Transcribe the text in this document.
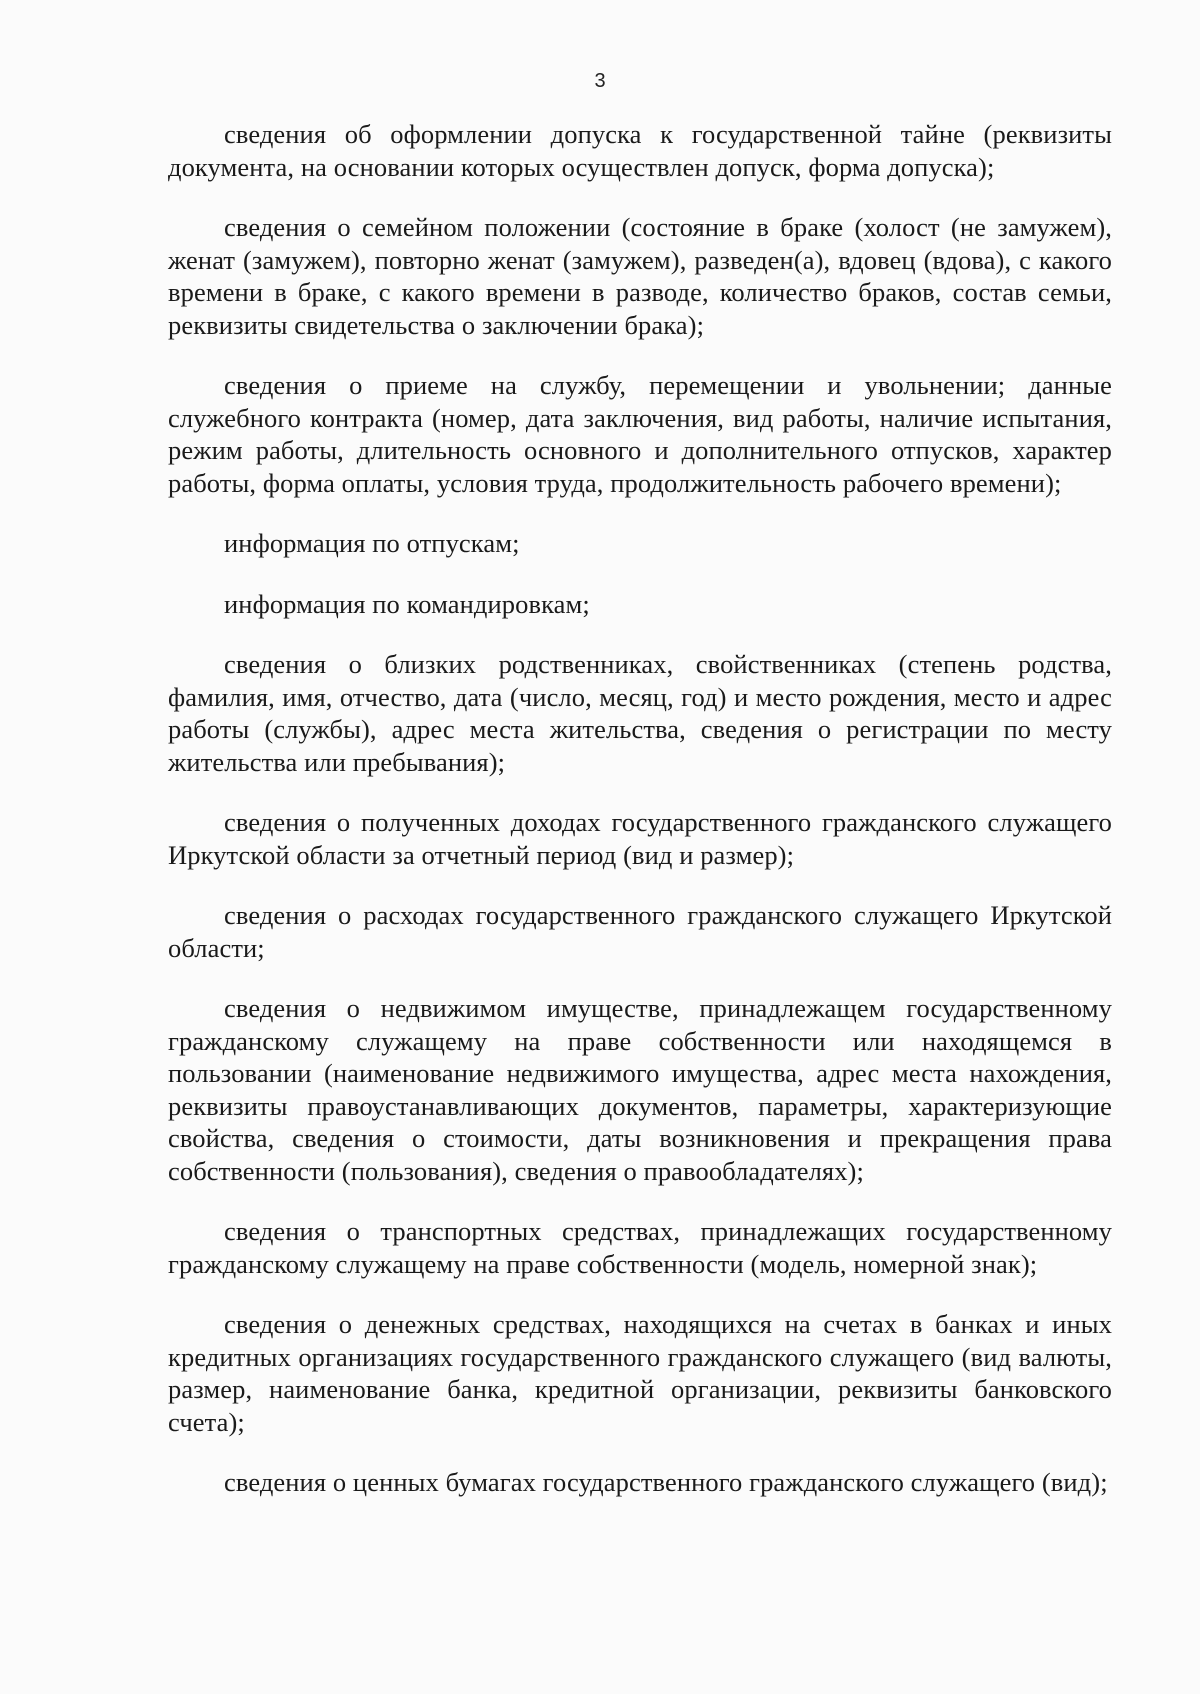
3

сведения об оформлении допуска к государственной тайне (реквизиты документа, на основании которых осуществлен допуск, форма допуска);

сведения о семейном положении (состояние в браке (холост (не замужем), женат (замужем), повторно женат (замужем), разведен(а), вдовец (вдова), с какого времени в браке, с какого времени в разводе, количество браков, состав семьи, реквизиты свидетельства о заключении брака);

сведения о приеме на службу, перемещении и увольнении; данные служебного контракта (номер, дата заключения, вид работы, наличие испытания, режим работы, длительность основного и дополнительного отпусков, характер работы, форма оплаты, условия труда, продолжительность рабочего времени);

информация по отпускам;

информация по командировкам;

сведения о близких родственниках, свойственниках (степень родства, фамилия, имя, отчество, дата (число, месяц, год) и место рождения, место и адрес работы (службы), адрес места жительства, сведения о регистрации по месту жительства или пребывания);

сведения о полученных доходах государственного гражданского служащего Иркутской области за отчетный период (вид и размер);

сведения о расходах государственного гражданского служащего Иркутской области;

сведения о недвижимом имуществе, принадлежащем государственному гражданскому служащему на праве собственности или находящемся в пользовании (наименование недвижимого имущества, адрес места нахождения, реквизиты правоустанавливающих документов, параметры, характеризующие свойства, сведения о стоимости, даты возникновения и прекращения права собственности (пользования), сведения о правообладателях);

сведения о транспортных средствах, принадлежащих государственному гражданскому служащему на праве собственности (модель, номерной знак);

сведения о денежных средствах, находящихся на счетах в банках и иных кредитных организациях государственного гражданского служащего (вид валюты, размер, наименование банка, кредитной организации, реквизиты банковского счета);

сведения о ценных бумагах государственного гражданского служащего (вид);
